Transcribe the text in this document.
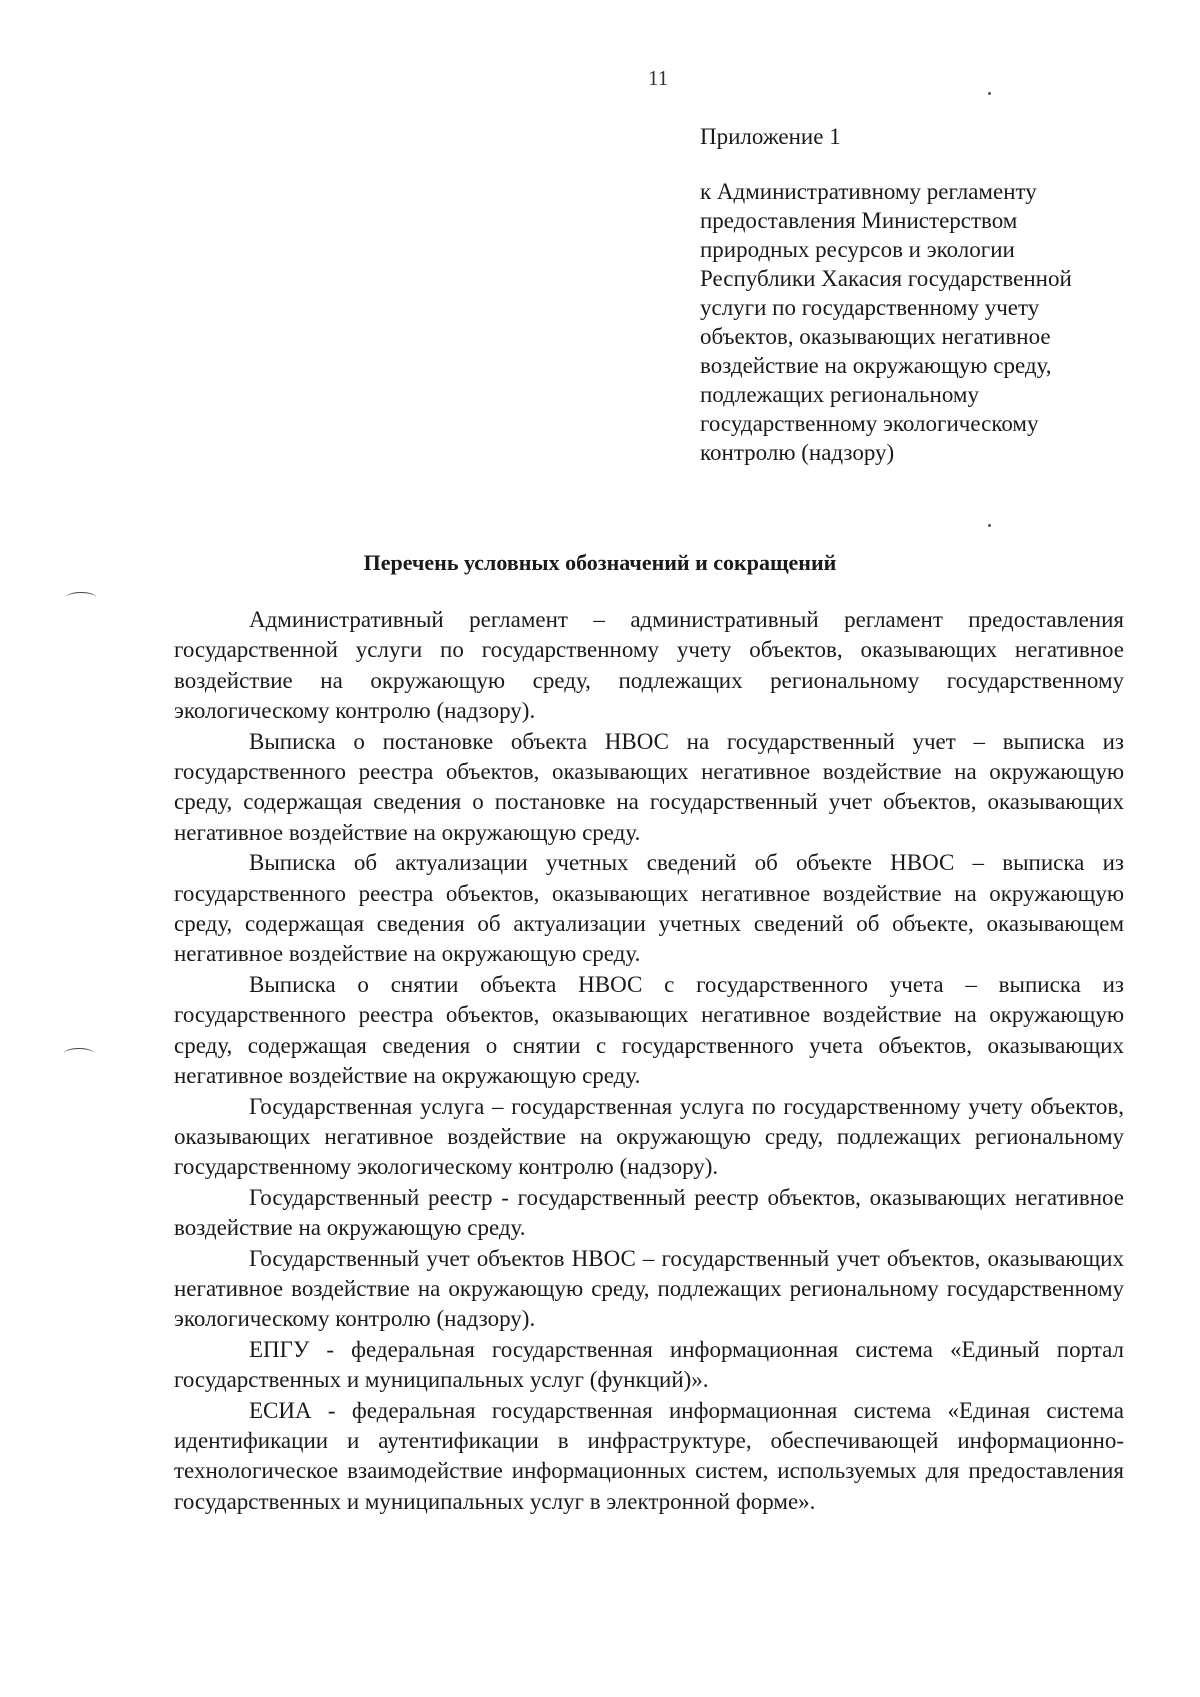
11
Приложение 1
к Административному регламенту
предоставления Министерством
природных ресурсов и экологии
Республики Хакасия государственной
услуги по государственному учету
объектов, оказывающих негативное
воздействие на окружающую среду,
подлежащих региональному
государственному экологическому
контролю (надзору)
Перечень условных обозначений и сокращений

Административный регламент – административный регламент предоставления государственной услуги по государственному учету объектов, оказывающих негативное воздействие на окружающую среду, подлежащих региональному государственному экологическому контролю (надзору).

Выписка о постановке объекта НВОС на государственный учет – выписка из государственного реестра объектов, оказывающих негативное воздействие на окружающую среду, содержащая сведения о постановке на государственный учет объектов, оказывающих негативное воздействие на окружающую среду.

Выписка об актуализации учетных сведений об объекте НВОС – выписка из государственного реестра объектов, оказывающих негативное воздействие на окружающую среду, содержащая сведения об актуализации учетных сведений об объекте, оказывающем негативное воздействие на окружающую среду.

Выписка о снятии объекта НВОС с государственного учета – выписка из государственного реестра объектов, оказывающих негативное воздействие на окружающую среду, содержащая сведения о снятии с государственного учета объектов, оказывающих негативное воздействие на окружающую среду.

Государственная услуга – государственная услуга по государственному учету объектов, оказывающих негативное воздействие на окружающую среду, подлежащих региональному государственному экологическому контролю (надзору).

Государственный реестр - государственный реестр объектов, оказывающих негативное воздействие на окружающую среду.

Государственный учет объектов НВОС – государственный учет объектов, оказывающих негативное воздействие на окружающую среду, подлежащих региональному государственному экологическому контролю (надзору).

ЕПГУ - федеральная государственная информационная система «Единый портал государственных и муниципальных услуг (функций)».

ЕСИА - федеральная государственная информационная система «Единая система идентификации и аутентификации в инфраструктуре, обеспечивающей информационно-технологическое взаимодействие информационных систем, используемых для предоставления государственных и муниципальных услуг в электронной форме».
